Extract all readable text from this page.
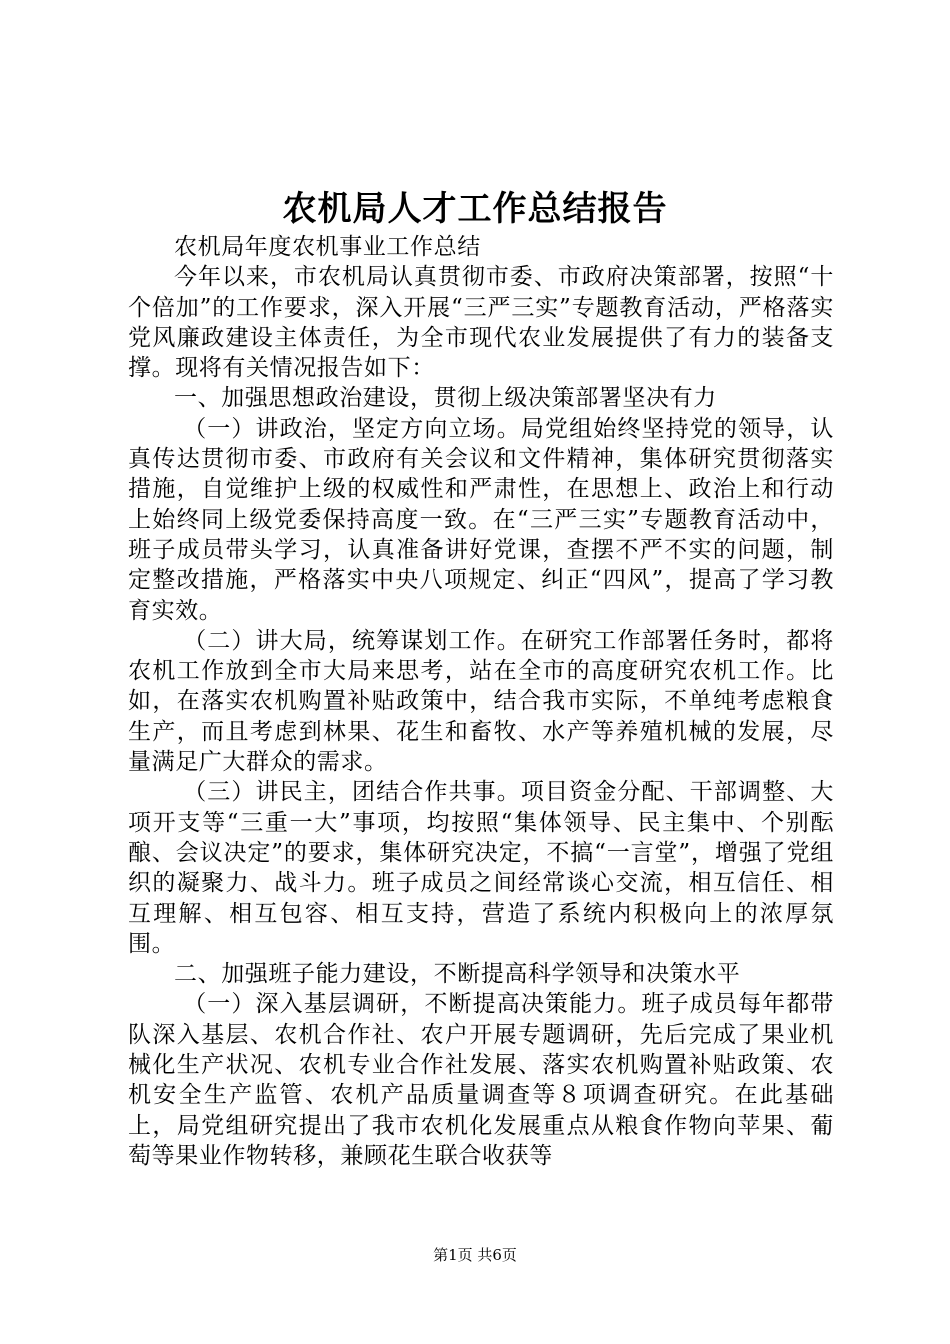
农机局人才工作总结报告

农机局年度农机事业工作总结

今年以来，市农机局认真贯彻市委、市政府决策部署，按照“十个倍加”的工作要求，深入开展“三严三实”专题教育活动，严格落实党风廉政建设主体责任，为全市现代农业发展提供了有力的装备支撑。现将有关情况报告如下：

一、加强思想政治建设，贯彻上级决策部署坚决有力

（一）讲政治，坚定方向立场。局党组始终坚持党的领导，认真传达贯彻市委、市政府有关会议和文件精神，集体研究贯彻落实措施，自觉维护上级的权威性和严肃性，在思想上、政治上和行动上始终同上级党委保持高度一致。在“三严三实”专题教育活动中，班子成员带头学习，认真准备讲好党课，查摆不严不实的问题，制定整改措施，严格落实中央八项规定、纠正“四风”，提高了学习教育实效。

（二）讲大局，统筹谋划工作。在研究工作部署任务时，都将农机工作放到全市大局来思考，站在全市的高度研究农机工作。比如，在落实农机购置补贴政策中，结合我市实际，不单纯考虑粮食生产，而且考虑到林果、花生和畜牧、水产等养殖机械的发展，尽量满足广大群众的需求。

（三）讲民主，团结合作共事。项目资金分配、干部调整、大项开支等“三重一大”事项，均按照“集体领导、民主集中、个别酝酿、会议决定”的要求，集体研究决定，不搞“一言堂”，增强了党组织的凝聚力、战斗力。班子成员之间经常谈心交流，相互信任、相互理解、相互包容、相互支持，营造了系统内积极向上的浓厚氛围。

二、加强班子能力建设，不断提高科学领导和决策水平

（一）深入基层调研，不断提高决策能力。班子成员每年都带队深入基层、农机合作社、农户开展专题调研，先后完成了果业机械化生产状况、农机专业合作社发展、落实农机购置补贴政策、农机安全生产监管、农机产品质量调查等８项调查研究。在此基础上，局党组研究提出了我市农机化发展重点从粮食作物向苹果、葡萄等果业作物转移，兼顾花生联合收获等

第1页 共6页
